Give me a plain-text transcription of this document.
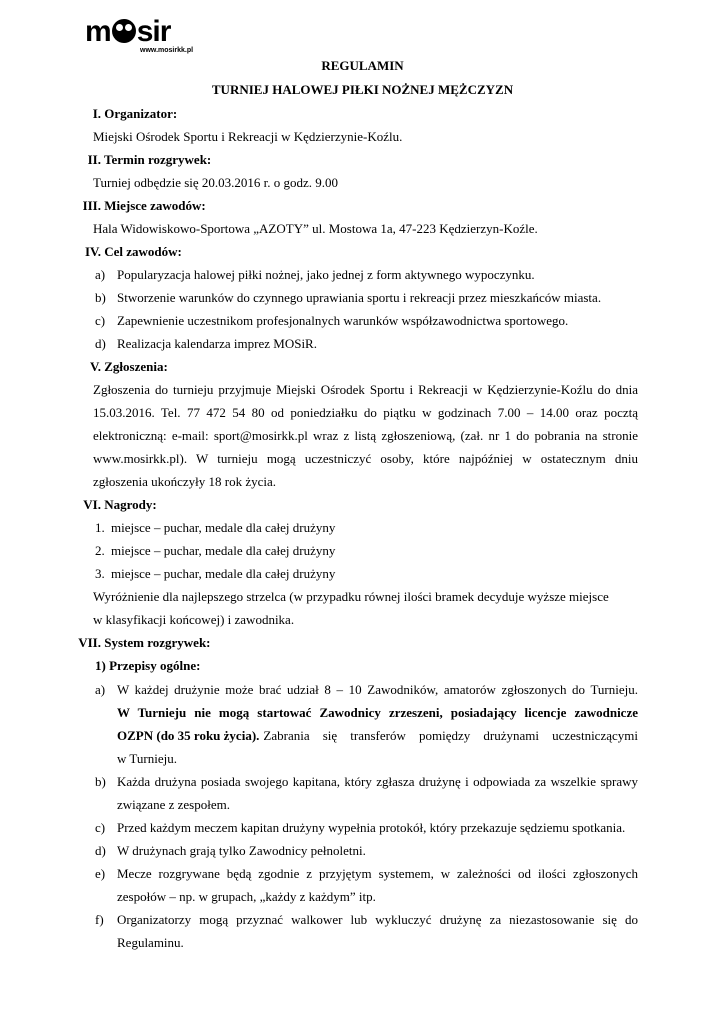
m sir
www.mosirkk.pl
REGULAMIN
TURNIEJ HALOWEJ PIŁKI NOŻNEJ MĘŻCZYZN
I. Organizator:
Miejski Ośrodek Sportu i Rekreacji w Kędzierzynie-Koźlu.
II. Termin rozgrywek:
Turniej odbędzie się 20.03.2016 r. o godz. 9.00
III. Miejsce zawodów:
Hala Widowiskowo-Sportowa „AZOTY” ul. Mostowa 1a, 47-223 Kędzierzyn-Koźle.
IV. Cel zawodów:
a) Popularyzacja halowej piłki nożnej, jako jednej z form aktywnego wypoczynku.
b) Stworzenie warunków do czynnego uprawiania sportu i rekreacji przez mieszkańców miasta.
c) Zapewnienie uczestnikom profesjonalnych warunków współzawodnictwa sportowego.
d) Realizacja kalendarza imprez MOSiR.
V. Zgłoszenia:
Zgłoszenia do turnieju przyjmuje Miejski Ośrodek Sportu i Rekreacji w Kędzierzynie-Koźlu do dnia
15.03.2016. Tel. 77 472 54 80 od poniedziałku do piątku w godzinach 7.00 – 14.00 oraz pocztą
elektroniczną: e-mail: sport@mosirkk.pl wraz z listą zgłoszeniową, (zał. nr 1 do pobrania na stronie
www.mosirkk.pl). W turnieju mogą uczestniczyć osoby, które najpóźniej w ostatecznym dniu
zgłoszenia ukończyły 18 rok życia.
VI. Nagrody:
1. miejsce – puchar, medale dla całej drużyny
2. miejsce – puchar, medale dla całej drużyny
3. miejsce – puchar, medale dla całej drużyny
Wyróżnienie dla najlepszego strzelca (w przypadku równej ilości bramek decyduje wyższe miejsce
w klasyfikacji końcowej) i zawodnika.
VII. System rozgrywek:
1) Przepisy ogólne:
a) W każdej drużynie może brać udział 8 – 10 Zawodników, amatorów zgłoszonych do Turnieju.
W Turnieju nie mogą startować Zawodnicy zrzeszeni, posiadający licencje zawodnicze
OZPN (do 35 roku życia). Zabrania się transferów pomiędzy drużynami uczestniczącymi
w Turnieju.
b) Każda drużyna posiada swojego kapitana, który zgłasza drużynę i odpowiada za wszelkie sprawy
związane z zespołem.
c) Przed każdym meczem kapitan drużyny wypełnia protokół, który przekazuje sędziemu spotkania.
d) W drużynach grają tylko Zawodnicy pełnoletni.
e) Mecze rozgrywane będą zgodnie z przyjętym systemem, w zależności od ilości zgłoszonych
zespołów – np. w grupach, „każdy z każdym” itp.
f) Organizatorzy mogą przyznać walkower lub wykluczyć drużynę za niezastosowanie się do
Regulaminu.
